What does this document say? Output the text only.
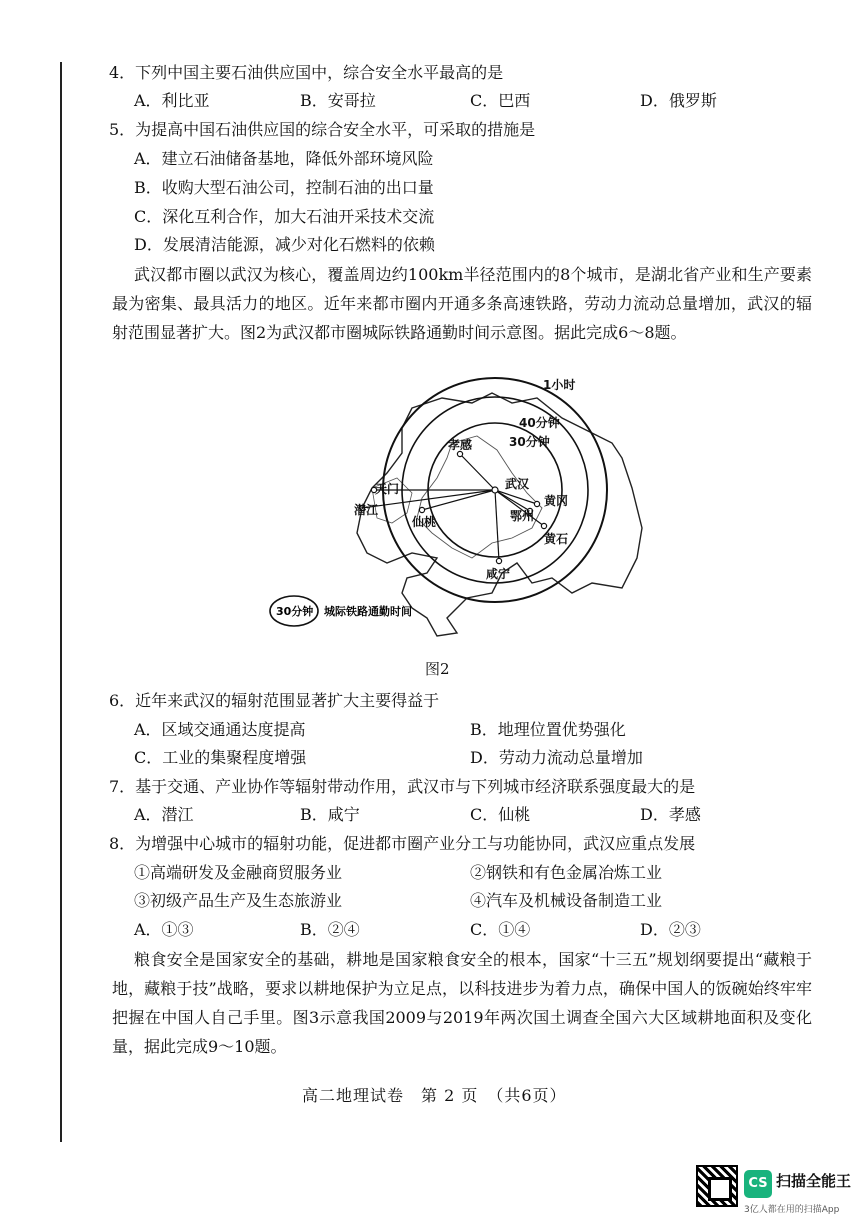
4．下列中国主要石油供应国中，综合安全水平最高的是
A．利比亚	B．安哥拉	C．巴西	D．俄罗斯
5．为提高中国石油供应国的综合安全水平，可采取的措施是
A．建立石油储备基地，降低外部环境风险
B．收购大型石油公司，控制石油的出口量
C．深化互利合作，加大石油开采技术交流
D．发展清洁能源，减少对化石燃料的依赖

武汉都市圈以武汉为核心，覆盖周边约100km半径范围内的8个城市，是湖北省产业和生产要素最为密集、最具活力的地区。近年来都市圈内开通多条高速铁路，劳动力流动总量增加，武汉的辐射范围显著扩大。图2为武汉都市圈城际铁路通勤时间示意图。据此完成6～8题。

1小时
40分钟
30分钟
孝感
天门	武汉
黄冈
潜江
仙桃	鄂州
黄石
咸宁
30分钟 城际铁路通勤时间
图2
6．近年来武汉的辐射范围显著扩大主要得益于
A．区域交通通达度提高	B．地理位置优势强化
C．工业的集聚程度增强	D．劳动力流动总量增加
7．基于交通、产业协作等辐射带动作用，武汉市与下列城市经济联系强度最大的是
A．潜江	B．咸宁	C．仙桃	D．孝感
8．为增强中心城市的辐射功能，促进都市圈产业分工与功能协同，武汉应重点发展
①高端研发及金融商贸服务业	②钢铁和有色金属冶炼工业
③初级产品生产及生态旅游业	④汽车及机械设备制造工业
A．①③	B．②④	C．①④	D．②③

粮食安全是国家安全的基础，耕地是国家粮食安全的根本，国家“十三五”规划纲要提出“藏粮于地，藏粮于技”战略，要求以耕地保护为立足点，以科技进步为着力点，确保中国人的饭碗始终牢牢把握在中国人自己手里。图3示意我国2009与2019年两次国土调查全国六大区域耕地面积及变化量，据此完成9～10题。

高二地理试卷　第 2 页　（共6页）
CS 扫描全能王
3亿人都在用的扫描App
